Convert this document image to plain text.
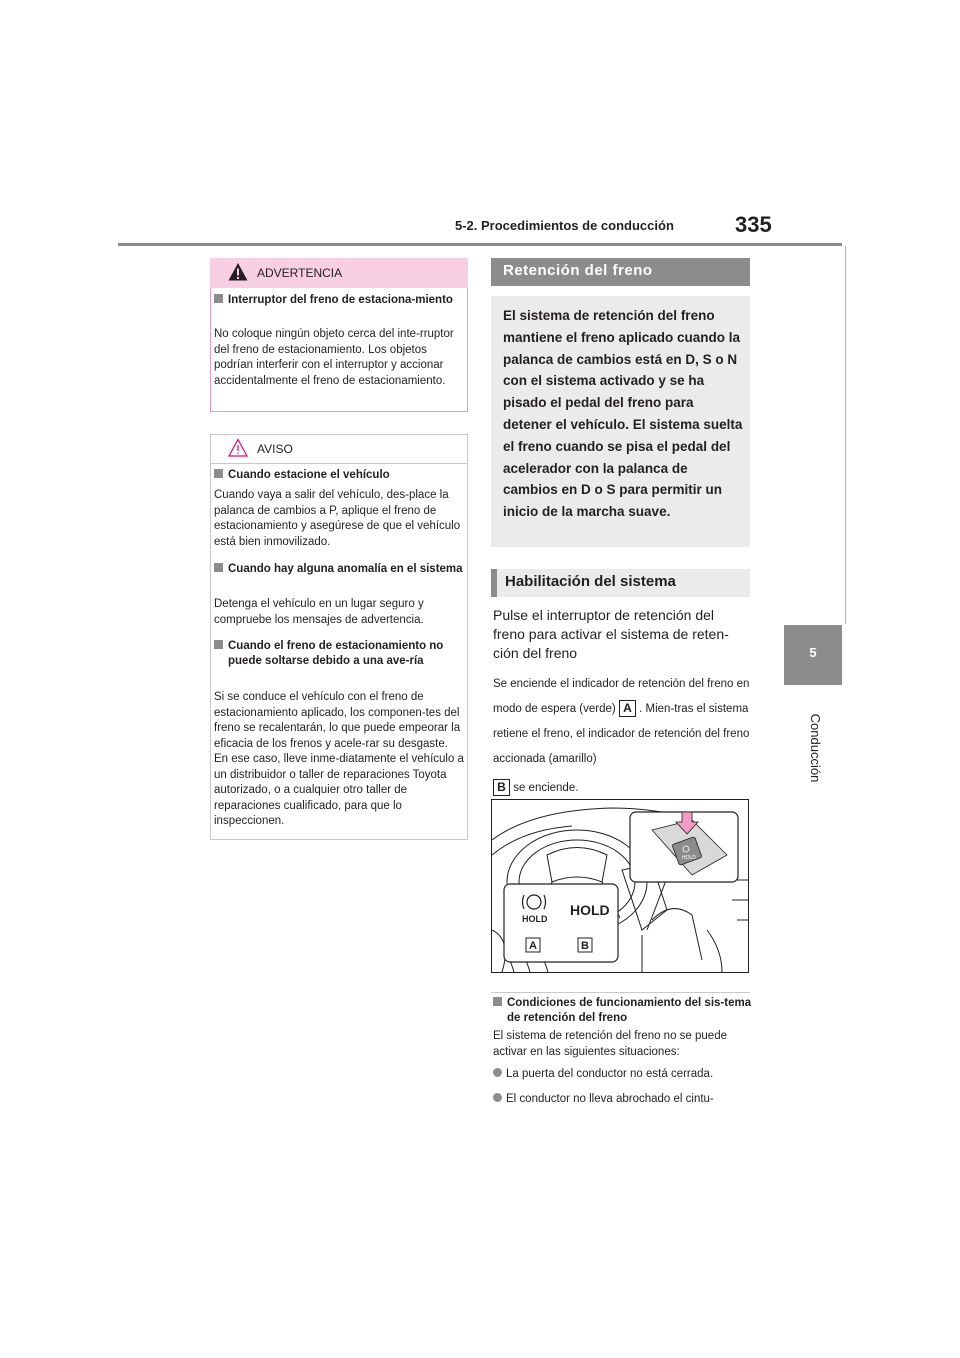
5-2. Procedimientos de conducción	335
5
Conducción
ADVERTENCIA
Interruptor del freno de estaciona-miento
No coloque ningún objeto cerca del inte-rruptor del freno de estacionamiento. Los objetos podrían interferir con el interruptor y accionar accidentalmente el freno de estacionamiento.
AVISO
Cuando estacione el vehículo
Cuando vaya a salir del vehículo, des-place la palanca de cambios a P, aplique el freno de estacionamiento y asegúrese de que el vehículo está bien inmovilizado.
Cuando hay alguna anomalía en el sistema
Detenga el vehículo en un lugar seguro y compruebe los mensajes de advertencia.
Cuando el freno de estacionamiento no puede soltarse debido a una ave-ría
Si se conduce el vehículo con el freno de estacionamiento aplicado, los componen-tes del freno se recalentarán, lo que puede empeorar la eficacia de los frenos y acele-rar su desgaste. En ese caso, lleve inme-diatamente el vehículo a un distribuidor o taller de reparaciones Toyota autorizado, o a cualquier otro taller de reparaciones cualificado, para que lo inspeccionen.
Retención del freno
El sistema de retención del freno mantiene el freno aplicado cuando la palanca de cambios está en D, S o N con el sistema activado y se ha pisado el pedal del freno para detener el vehículo. El sistema suelta el freno cuando se pisa el pedal del acelerador con la palanca de cambios en D o S para permitir un inicio de la marcha suave.
Habilitación del sistema
Pulse el interruptor de retención del freno para activar el sistema de reten-ción del freno
Se enciende el indicador de retención del freno en modo de espera (verde) A . Mien-tras el sistema retiene el freno, el indicador de retención del freno accionada (amarillo)
B se enciende.
HOLD
HOLD
HOLD
A	B
Condiciones de funcionamiento del sis-tema de retención del freno
El sistema de retención del freno no se puede activar en las siguientes situaciones:
La puerta del conductor no está cerrada.
El conductor no lleva abrochado el cintu-
